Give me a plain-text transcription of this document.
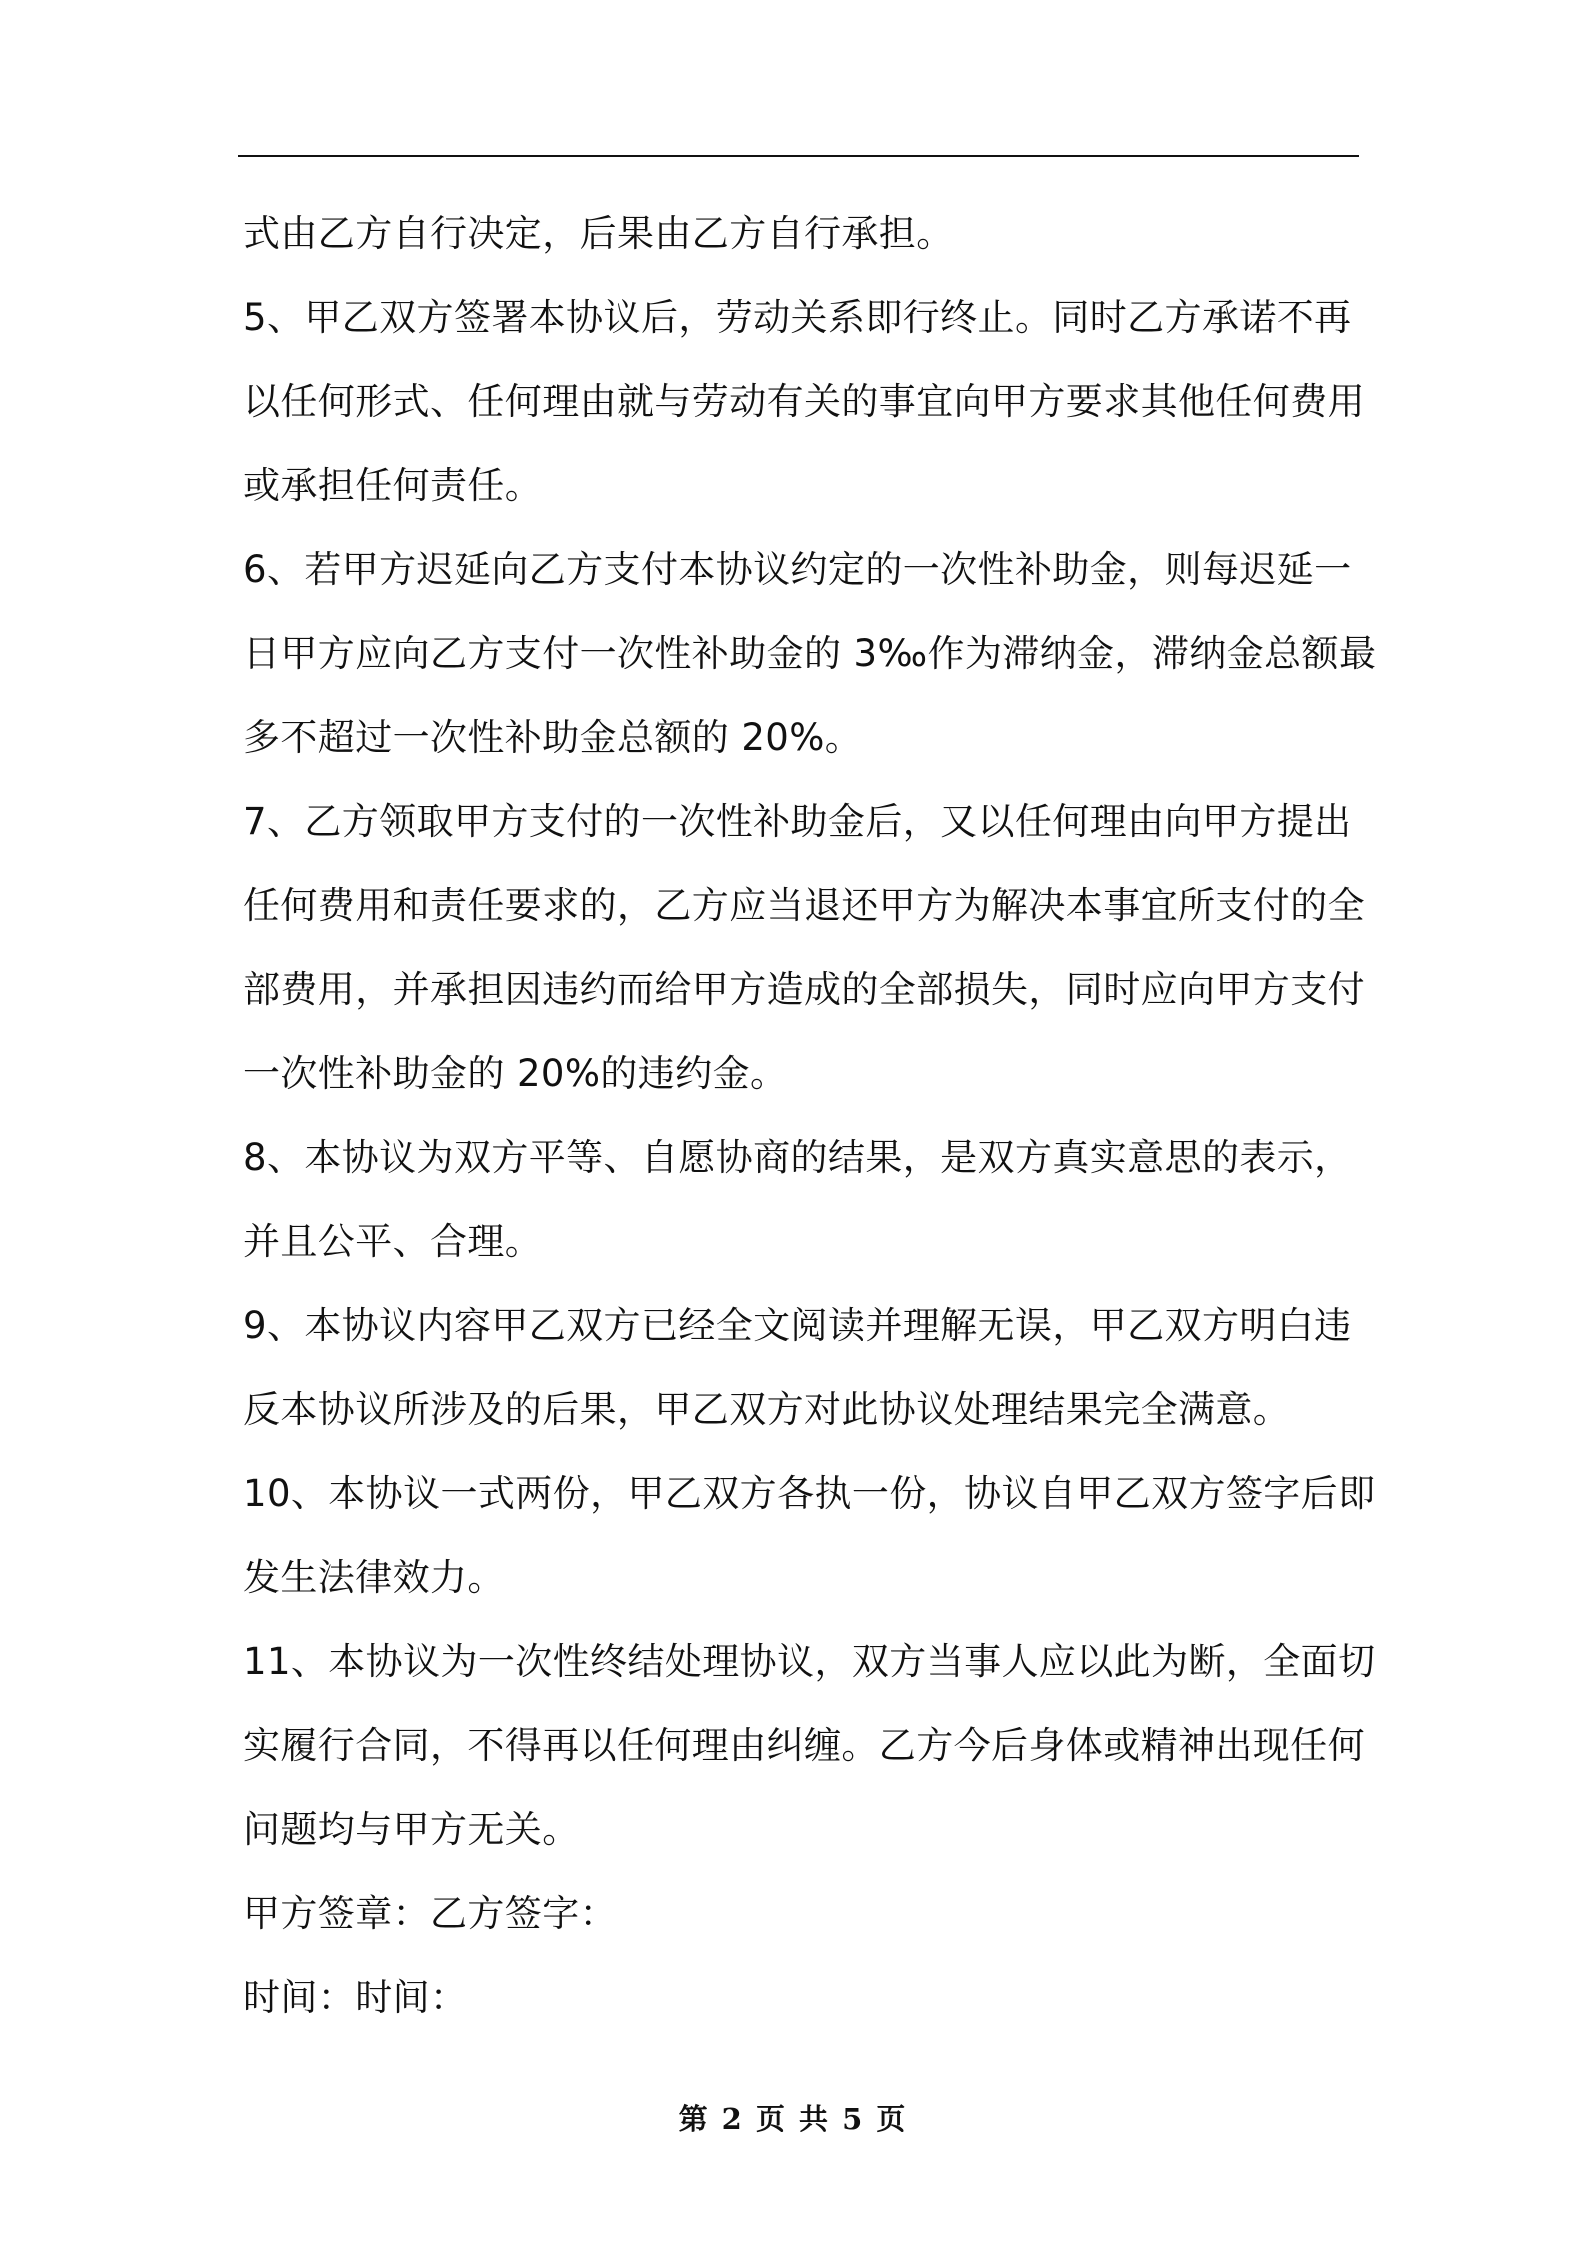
式由乙方自行决定，后果由乙方自行承担。
5、甲乙双方签署本协议后，劳动关系即行终止。同时乙方承诺不再
以任何形式、任何理由就与劳动有关的事宜向甲方要求其他任何费用
或承担任何责任。
6、若甲方迟延向乙方支付本协议约定的一次性补助金，则每迟延一
日甲方应向乙方支付一次性补助金的 3‰作为滞纳金，滞纳金总额最
多不超过一次性补助金总额的 20%。
7、乙方领取甲方支付的一次性补助金后，又以任何理由向甲方提出
任何费用和责任要求的，乙方应当退还甲方为解决本事宜所支付的全
部费用，并承担因违约而给甲方造成的全部损失，同时应向甲方支付
一次性补助金的 20%的违约金。
8、本协议为双方平等、自愿协商的结果，是双方真实意思的表示，
并且公平、合理。
9、本协议内容甲乙双方已经全文阅读并理解无误，甲乙双方明白违
反本协议所涉及的后果，甲乙双方对此协议处理结果完全满意。
10、本协议一式两份，甲乙双方各执一份，协议自甲乙双方签字后即
发生法律效力。
11、本协议为一次性终结处理协议，双方当事人应以此为断，全面切
实履行合同，不得再以任何理由纠缠。乙方今后身体或精神出现任何
问题均与甲方无关。
甲方签章：乙方签字：
时间：时间：
第 2 页 共 5 页
